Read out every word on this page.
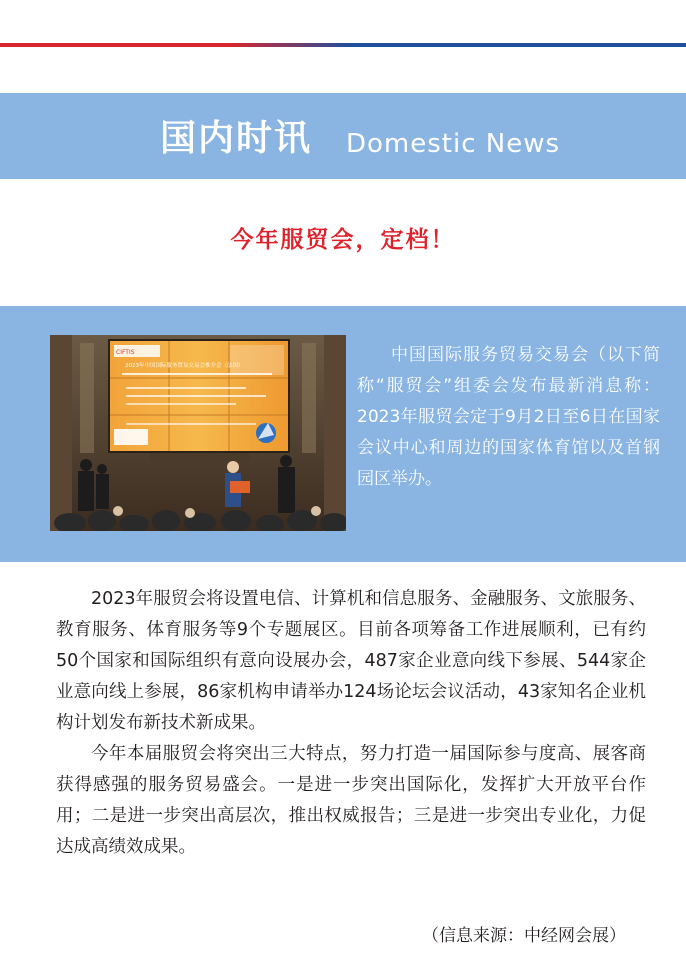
国内时讯 Domestic News
今年服贸会，定档！
CIFTIS
2023年中国国际服务贸易交易会推介会（法国）
中国国际服务贸易交易会（以下简称“服贸会”组委会发布最新消息称：2023年服贸会定于9月2日至6日在国家会议中心和周边的国家体育馆以及首钢园区举办。

2023年服贸会将设置电信、计算机和信息服务、金融服务、文旅服务、教育服务、体育服务等9个专题展区。目前各项筹备工作进展顺利，已有约50个国家和国际组织有意向设展办会，487家企业意向线下参展、544家企业意向线上参展，86家机构申请举办124场论坛会议活动，43家知名企业机构计划发布新技术新成果。

今年本届服贸会将突出三大特点，努力打造一届国际参与度高、展客商获得感强的服务贸易盛会。一是进一步突出国际化，发挥扩大开放平台作用；二是进一步突出高层次，推出权威报告；三是进一步突出专业化，力促达成高绩效成果。

（信息来源：中经网会展）
